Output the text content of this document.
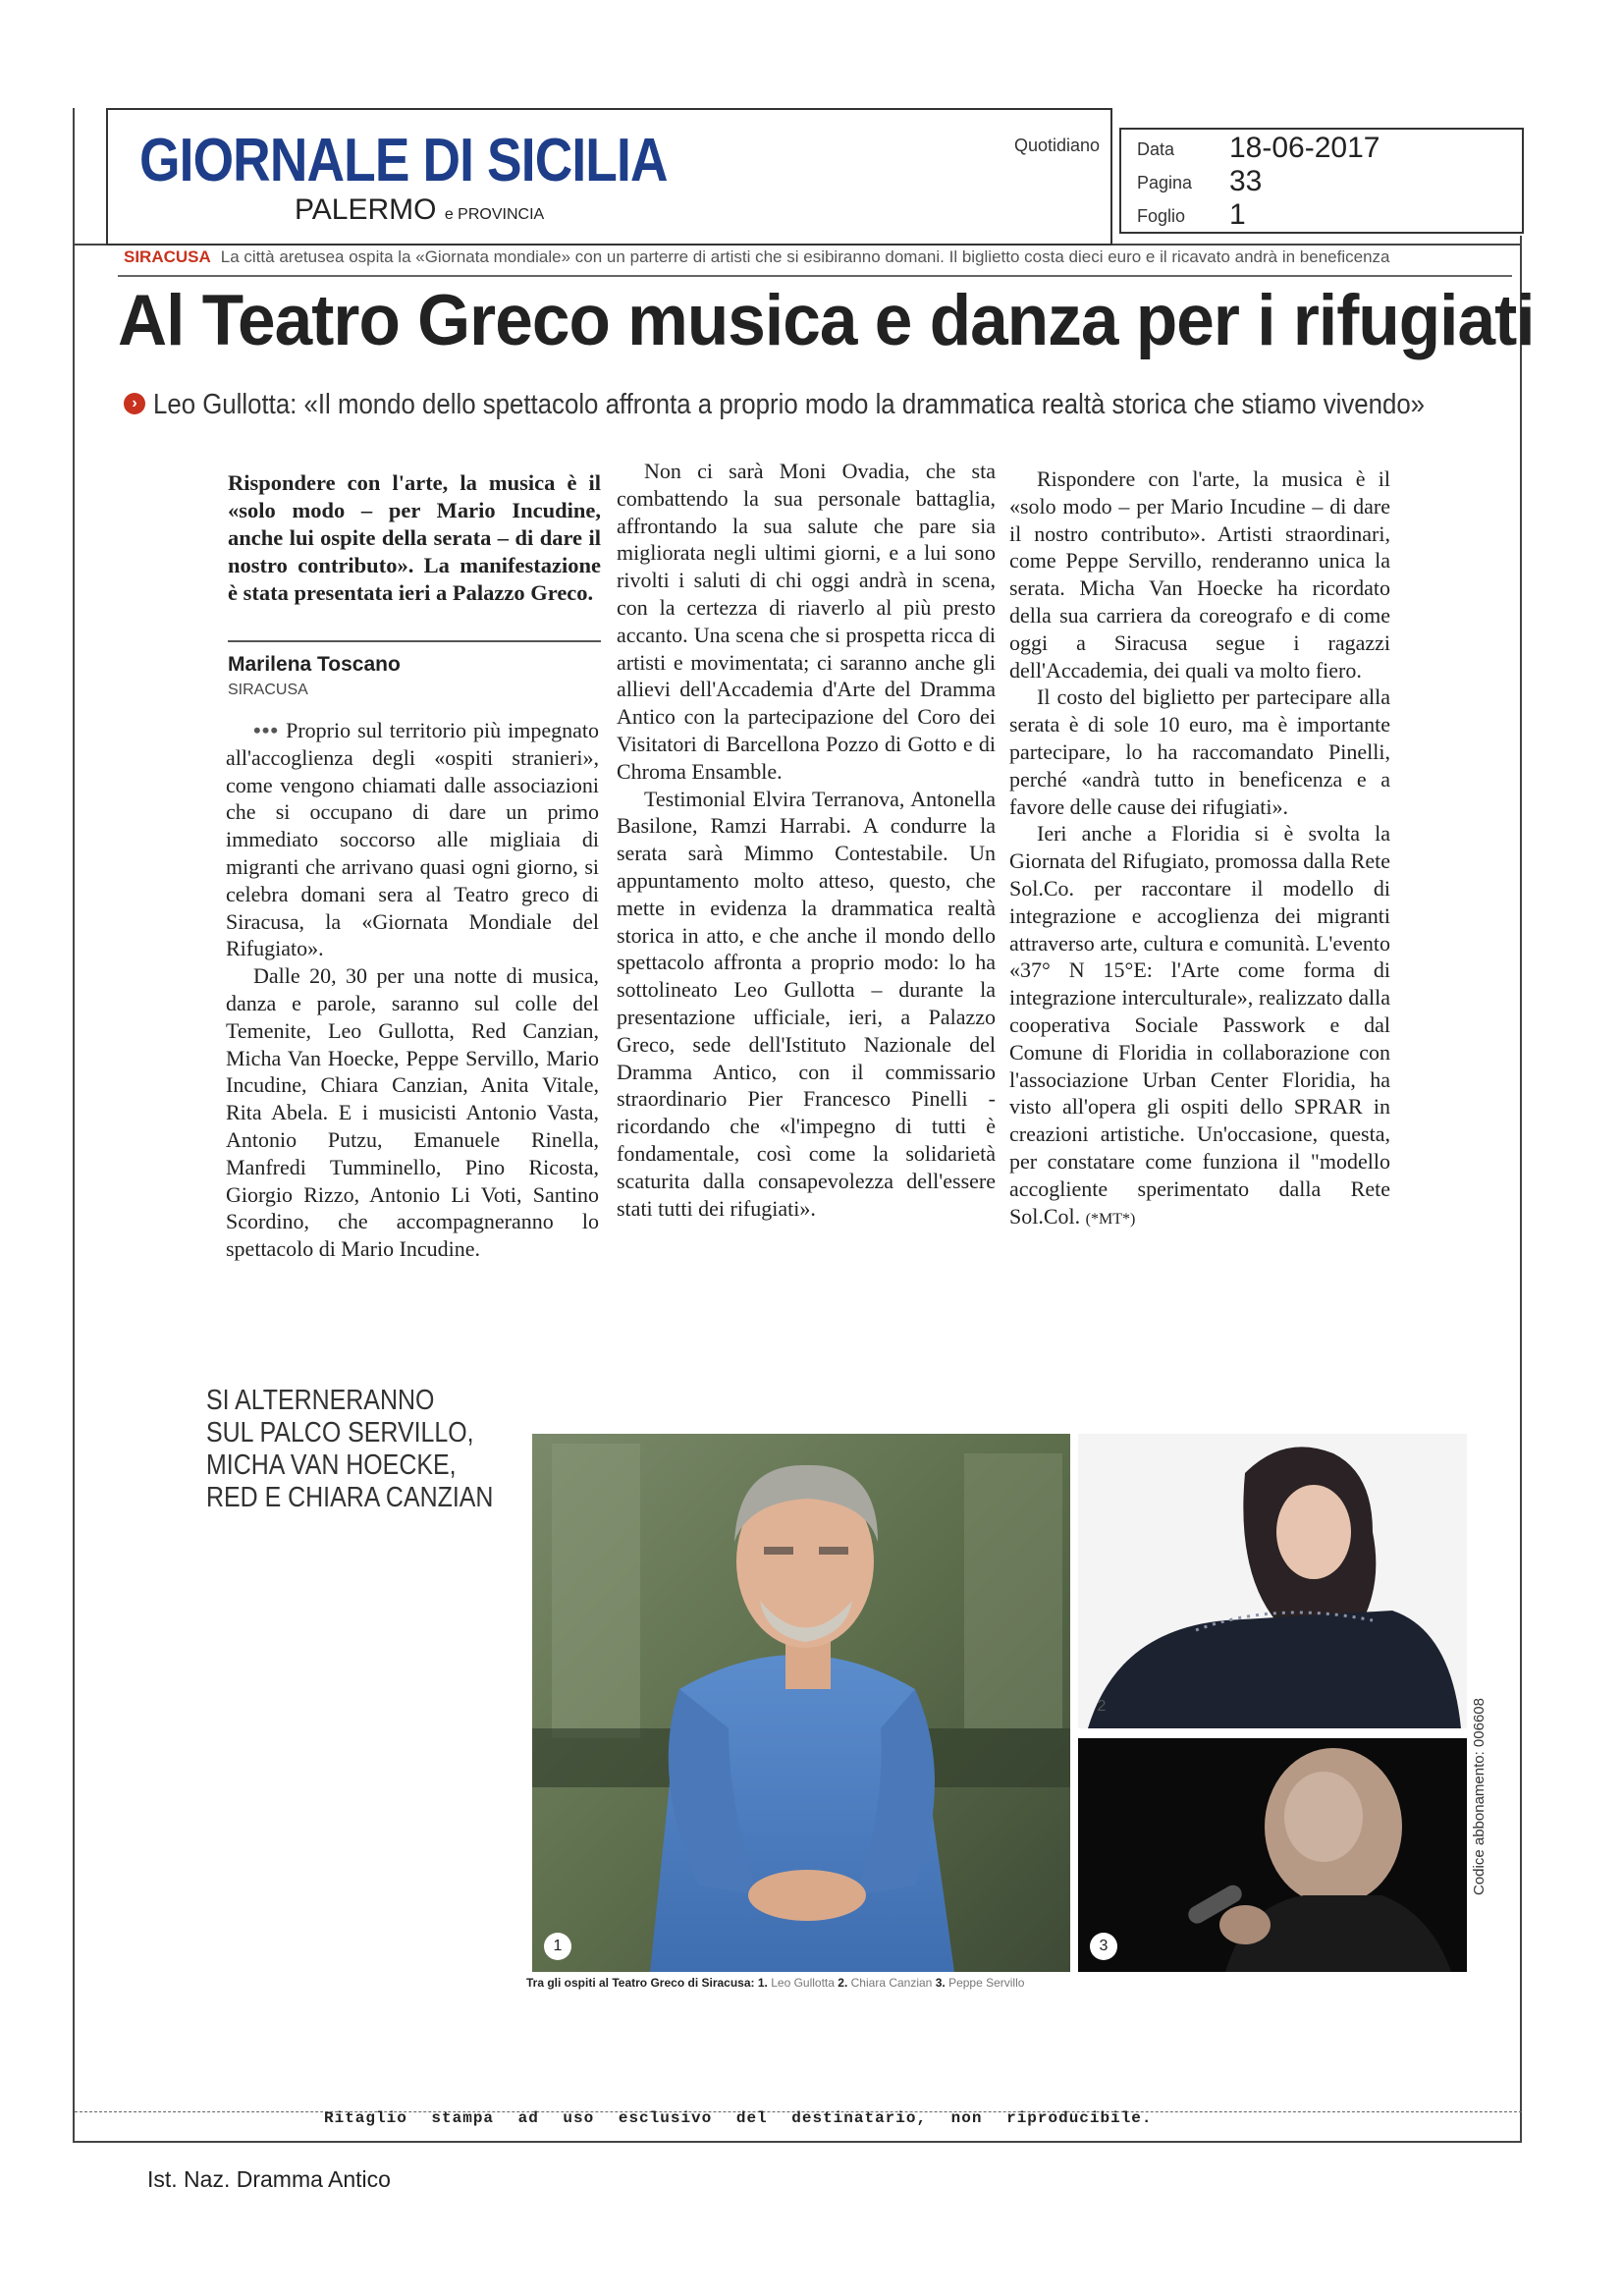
GIORNALE DI SICILIA
PALERMO e PROVINCIA
Quotidiano Data 18-06-2017
Pagina 33
Foglio 1
SIRACUSA La città aretusea ospita la «Giornata mondiale» con un parterre di artisti che si esibiranno domani. Il biglietto costa dieci euro e il ricavato andrà in beneficenza
Al Teatro Greco musica e danza per i rifugiati
› Leo Gullotta: «Il mondo dello spettacolo affronta a proprio modo la drammatica realtà storica che stiamo vivendo»
Rispondere con l'arte, la musica è il «solo modo – per Mario Incudine, anche lui ospite della serata – di dare il nostro contributo». La manifestazione è stata presentata ieri a Palazzo Greco.
Marilena Toscano
SIRACUSA

••• Proprio sul territorio più impegnato all'accoglienza degli «ospiti stranieri», come vengono chiamati dalle associazioni che si occupano di dare un primo immediato soccorso alle migliaia di migranti che arrivano quasi ogni giorno, si celebra domani sera al Teatro greco di Siracusa, la «Giornata Mondiale del Rifugiato».

Dalle 20, 30 per una notte di musica, danza e parole, saranno sul colle del Temenite, Leo Gullotta, Red Canzian, Micha Van Hoecke, Peppe Servillo, Mario Incudine, Chiara Canzian, Anita Vitale, Rita Abela. E i musicisti Antonio Vasta, Antonio Putzu, Emanuele Rinella, Manfredi Tumminello, Pino Ricosta, Giorgio Rizzo, Antonio Li Voti, Santino Scordino, che accompagneranno lo spettacolo di Mario Incudine.

Non ci sarà Moni Ovadia, che sta combattendo la sua personale battaglia, affrontando la sua salute che pare sia migliorata negli ultimi giorni, e a lui sono rivolti i saluti di chi oggi andrà in scena, con la certezza di riaverlo al più presto accanto. Una scena che si prospetta ricca di artisti e movimentata; ci saranno anche gli allievi dell'Accademia d'Arte del Dramma Antico con la partecipazione del Coro dei Visitatori di Barcellona Pozzo di Gotto e di Chroma Ensamble.

Testimonial Elvira Terranova, Antonella Basilone, Ramzi Harrabi. A condurre la serata sarà Mimmo Contestabile. Un appuntamento molto atteso, questo, che mette in evidenza la drammatica realtà storica in atto, e che anche il mondo dello spettacolo affronta a proprio modo: lo ha sottolineato Leo Gullotta – durante la presentazione ufficiale, ieri, a Palazzo Greco, sede dell'Istituto Nazionale del Dramma Antico, con il commissario straordinario Pier Francesco Pinelli - ricordando che «l'impegno di tutti è fondamentale, così come la solidarietà scaturita dalla consapevolezza dell'essere stati tutti dei rifugiati».

Rispondere con l'arte, la musica è il «solo modo – per Mario Incudine – di dare il nostro contributo». Artisti straordinari, come Peppe Servillo, renderanno unica la serata. Micha Van Hoecke ha ricordato della sua carriera da coreografo e di come oggi a Siracusa segue i ragazzi dell'Accademia, dei quali va molto fiero.

Il costo del biglietto per partecipare alla serata è di sole 10 euro, ma è importante partecipare, lo ha raccomandato Pinelli, perché «andrà tutto in beneficenza e a favore delle cause dei rifugiati».

Ieri anche a Floridia si è svolta la Giornata del Rifugiato, promossa dalla Rete Sol.Co. per raccontare il modello di integrazione e accoglienza dei migranti attraverso arte, cultura e comunità. L'evento «37° N 15°E: l'Arte come forma di integrazione interculturale», realizzato dalla cooperativa Sociale Passwork e dal Comune di Floridia in collaborazione con l'associazione Urban Center Floridia, ha visto all'opera gli ospiti dello SPRAR in creazioni artistiche. Un'occasione, questa, per constatare come funziona il "modello accogliente sperimentato dalla Rete Sol.Col. (*MT*)

SI ALTERNERANNO
SUL PALCO SERVILLO,
MICHA VAN HOECKE,
RED E CHIARA CANZIAN
1
2
3
Tra gli ospiti al Teatro Greco di Siracusa: 1. Leo Gullotta 2. Chiara Canzian 3. Peppe Servillo
Codice abbonamento: 006608
Ritaglio stampa ad uso esclusivo del destinatario, non riproducibile.
Ist. Naz. Dramma Antico
